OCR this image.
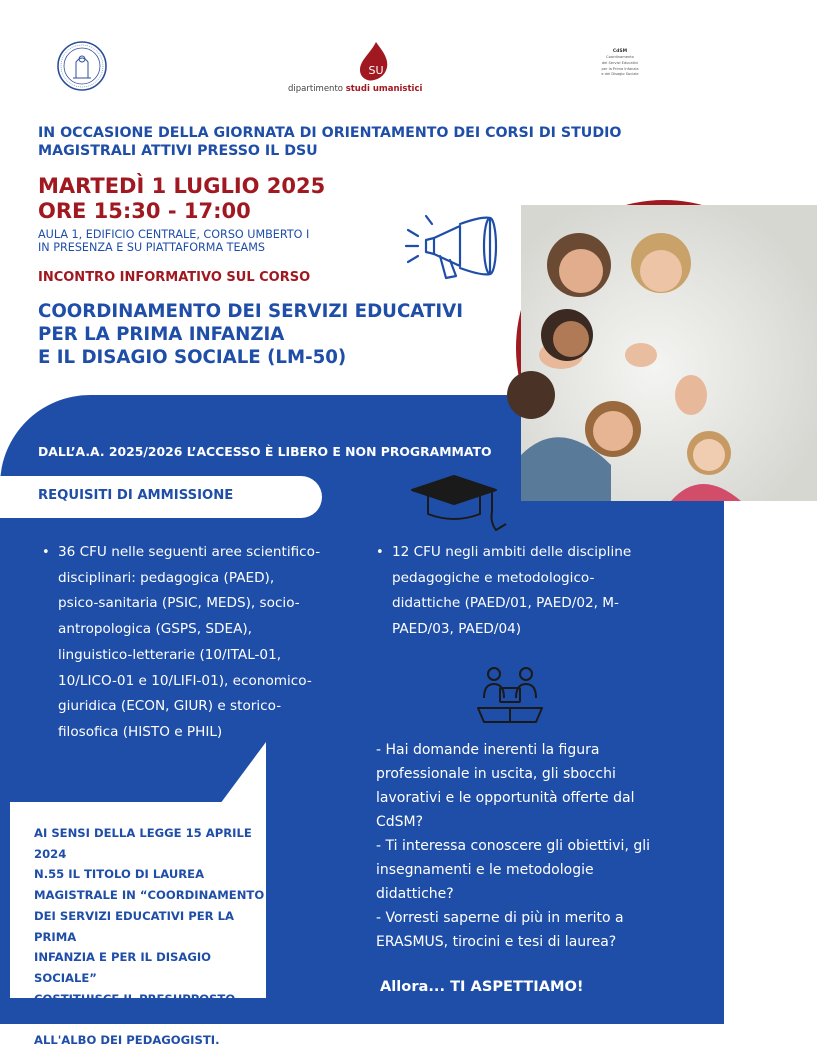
SU
dipartimento studi umanistici
CdSM
Coordinamento
dei Servizi Educativi
per la Prima Infanzia
e del Disagio Sociale
IN OCCASIONE DELLA GIORNATA DI ORIENTAMENTO DEI CORSI DI STUDIO MAGISTRALI ATTIVI PRESSO IL DSU
MARTEDÌ 1 LUGLIO 2025
ORE 15:30 - 17:00
AULA 1, EDIFICIO CENTRALE, CORSO UMBERTO I
IN PRESENZA E SU PIATTAFORMA TEAMS
INCONTRO INFORMATIVO SUL CORSO
COORDINAMENTO DEI SERVIZI EDUCATIVI
PER LA PRIMA INFANZIA
E IL DISAGIO SOCIALE (LM-50)
DALL’A.A. 2025/2026 L’ACCESSO È LIBERO E NON PROGRAMMATO
REQUISITI DI AMMISSIONE
• 36 CFU nelle seguenti aree scientifico-
disciplinari: pedagogica (PAED),
psico-sanitaria (PSIC, MEDS), socio-
antropologica (GSPS, SDEA),
linguistico-letterarie (10/ITAL-01,
10/LICO-01 e 10/LIFI-01), economico-
giuridica (ECON, GIUR) e storico-
filosofica (HISTO e PHIL)
• 12 CFU negli ambiti delle discipline
pedagogiche e metodologico-
didattiche (PAED/01, PAED/02, M-
PAED/03, PAED/04)
- Hai domande inerenti la figura
professionale in uscita, gli sbocchi
lavorativi e le opportunità offerte dal
CdSM?
- Ti interessa conoscere gli obiettivi, gli
insegnamenti e le metodologie
didattiche?
- Vorresti saperne di più in merito a
ERASMUS, tirocini e tesi di laurea?
AI SENSI DELLA LEGGE 15 APRILE 2024
N.55 IL TITOLO DI LAUREA
MAGISTRALE IN “COORDINAMENTO
DEI SERVIZI EDUCATIVI PER LA PRIMA
INFANZIA E PER IL DISAGIO SOCIALE”
COSTITUISCE IL PRESUPPOSTO
INDISPENSABILE PER L'ISCRIZIONE
ALL'ALBO DEI PEDAGOGISTI.
Allora... TI ASPETTIAMO!
